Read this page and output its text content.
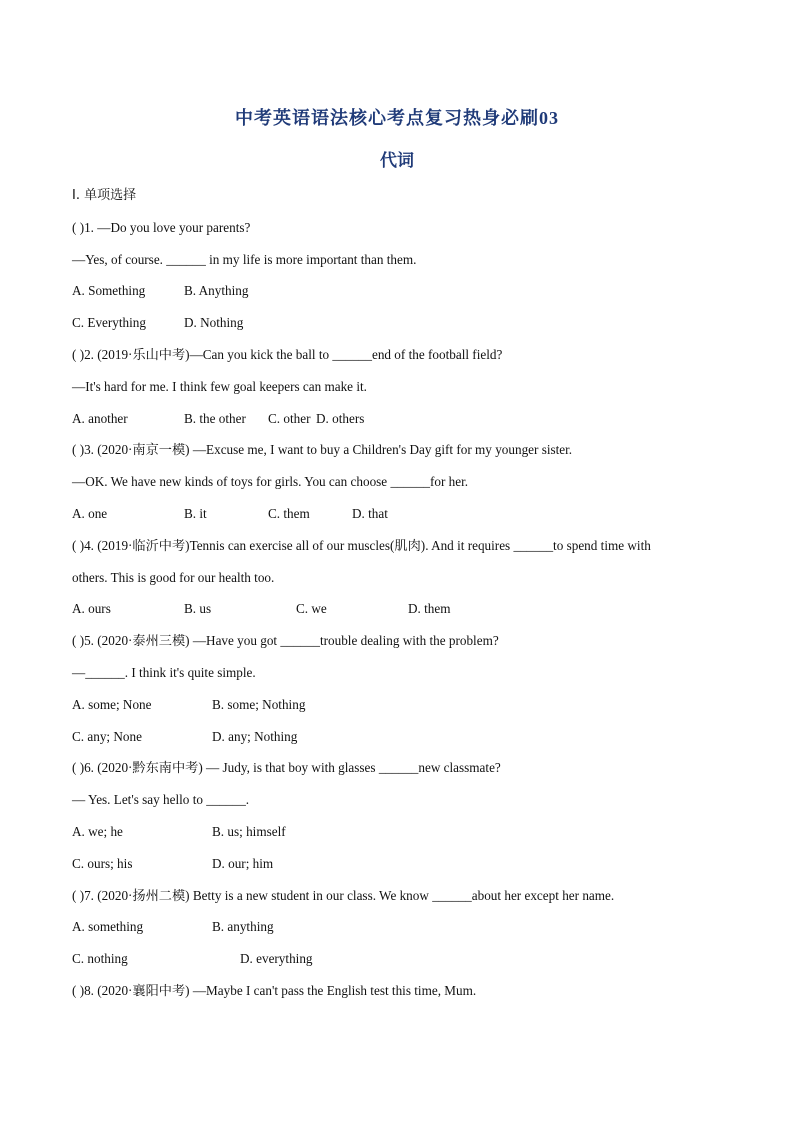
中考英语语法核心考点复习热身必刷03
代词
Ⅰ. 单项选择
( )1. —Do you love your parents?
—Yes, of course. ______ in my life is more important than them.
A. Something	B. Anything
C. Everything	D. Nothing
( )2. (2019·乐山中考)—Can you kick the ball to ______end of the football field?
—It's hard for me. I think few goal keepers can make it.
A. another	B. the other C. other D. others
( )3. (2020·南京一模) —Excuse me, I want to buy a Children's Day gift for my younger sister.
—OK. We have new kinds of toys for girls. You can choose ______for her.
A. one	B. it	C. them	D. that
( )4. (2019·临沂中考)Tennis can exercise all of our muscles(肌肉). And it requires ______to spend time with
others. This is good for our health too.
A. ours	B. us	C. we	D. them
( )5. (2020·泰州三模) —Have you got ______trouble dealing with the problem?
—______. I think it's quite simple.
A. some; None	B. some; Nothing
C. any; None	D. any; Nothing
( )6. (2020·黔东南中考) — Judy, is that boy with glasses ______new classmate?
— Yes. Let's say hello to ______.
A. we; he	B. us; himself
C. ours; his	D. our; him
( )7. (2020·扬州二模) Betty is a new student in our class. We know ______about her except her name.
A. something	B. anything
C. nothing	D. everything
( )8. (2020·襄阳中考) —Maybe I can't pass the English test this time, Mum.
